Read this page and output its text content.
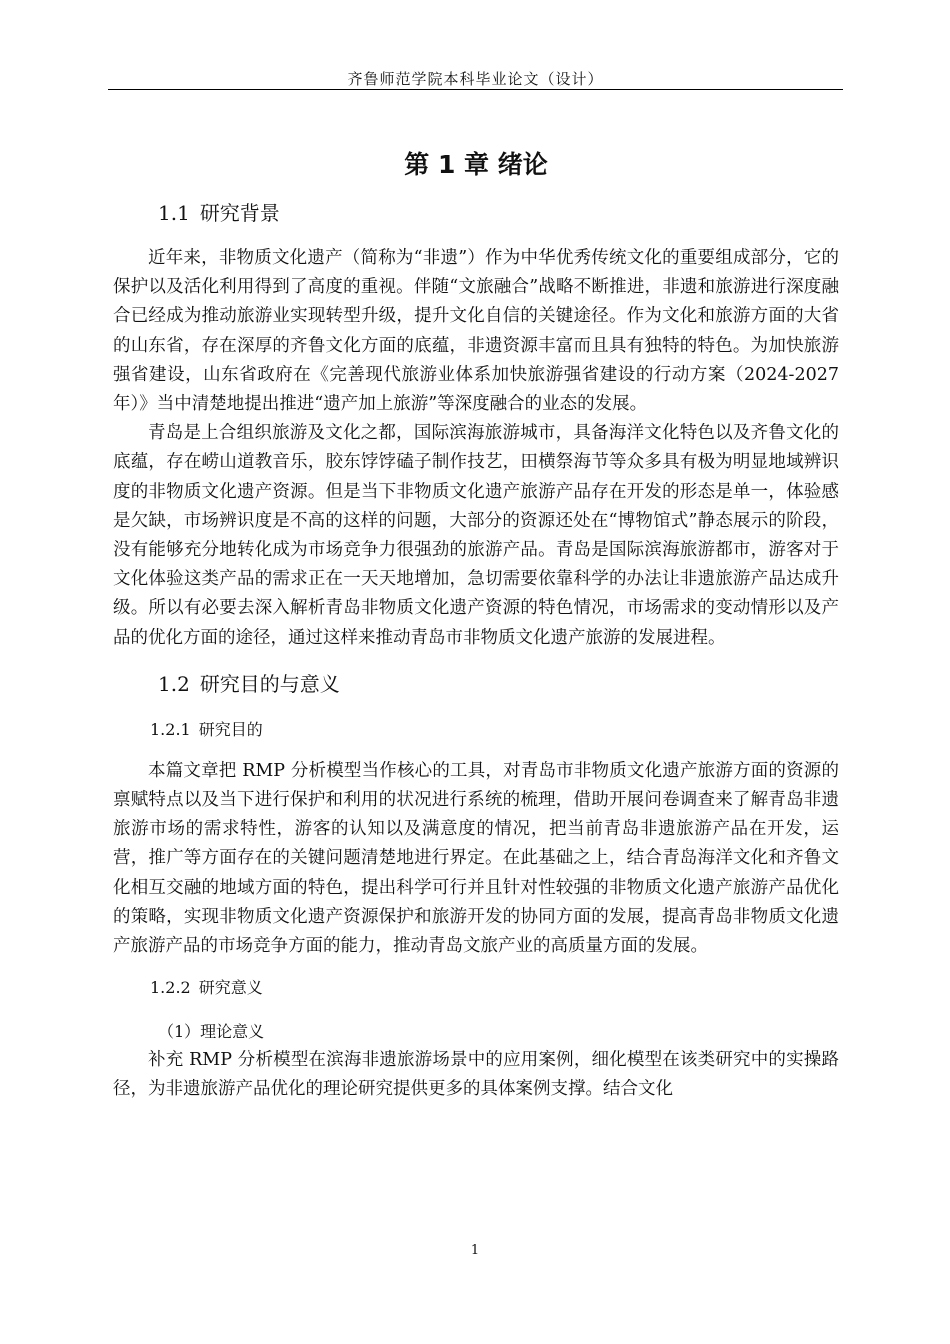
齐鲁师范学院本科毕业论文（设计）
第 1 章 绪论
1.1 研究背景

近年来，非物质文化遗产（简称为“非遗”）作为中华优秀传统文化的重要组成部分，它的保护以及活化利用得到了高度的重视。伴随“文旅融合”战略不断推进，非遗和旅游进行深度融合已经成为推动旅游业实现转型升级，提升文化自信的关键途径。作为文化和旅游方面的大省的山东省，存在深厚的齐鲁文化方面的底蕴，非遗资源丰富而且具有独特的特色。为加快旅游强省建设，山东省政府在《完善现代旅游业体系加快旅游强省建设的行动方案（2024-2027 年）》当中清楚地提出推进“遗产加上旅游”等深度融合的业态的发展。

青岛是上合组织旅游及文化之都，国际滨海旅游城市，具备海洋文化特色以及齐鲁文化的底蕴，存在崂山道教音乐，胶东饽饽磕子制作技艺，田横祭海节等众多具有极为明显地域辨识度的非物质文化遗产资源。但是当下非物质文化遗产旅游产品存在开发的形态是单一，体验感是欠缺，市场辨识度是不高的这样的问题，大部分的资源还处在“博物馆式”静态展示的阶段，没有能够充分地转化成为市场竞争力很强劲的旅游产品。青岛是国际滨海旅游都市，游客对于文化体验这类产品的需求正在一天天地增加，急切需要依靠科学的办法让非遗旅游产品达成升级。所以有必要去深入解析青岛非物质文化遗产资源的特色情况，市场需求的变动情形以及产品的优化方面的途径，通过这样来推动青岛市非物质文化遗产旅游的发展进程。

1.2 研究目的与意义
1.2.1 研究目的

本篇文章把 RMP 分析模型当作核心的工具，对青岛市非物质文化遗产旅游方面的资源的禀赋特点以及当下进行保护和利用的状况进行系统的梳理，借助开展问卷调查来了解青岛非遗旅游市场的需求特性，游客的认知以及满意度的情况，把当前青岛非遗旅游产品在开发，运营，推广等方面存在的关键问题清楚地进行界定。在此基础之上，结合青岛海洋文化和齐鲁文化相互交融的地域方面的特色，提出科学可行并且针对性较强的非物质文化遗产旅游产品优化的策略，实现非物质文化遗产资源保护和旅游开发的协同方面的发展，提高青岛非物质文化遗产旅游产品的市场竞争方面的能力，推动青岛文旅产业的高质量方面的发展。

1.2.2 研究意义
（1）理论意义

补充 RMP 分析模型在滨海非遗旅游场景中的应用案例，细化模型在该类研究中的实操路径，为非遗旅游产品优化的理论研究提供更多的具体案例支撑。结合文化

1
